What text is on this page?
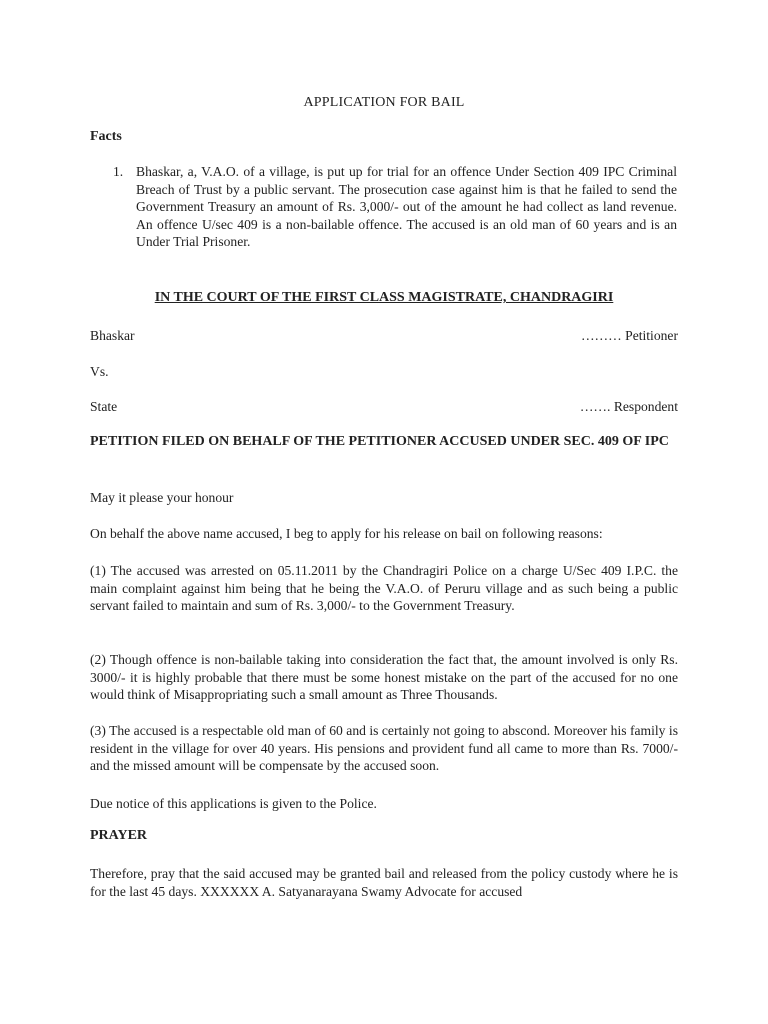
APPLICATION FOR BAIL
Facts
1. Bhaskar, a, V.A.O. of a village, is put up for trial for an offence Under Section 409 IPC Criminal Breach of Trust by a public servant. The prosecution case against him is that he failed to send the Government Treasury an amount of Rs. 3,000/- out of the amount he had collect as land revenue. An offence U/sec 409 is a non-bailable offence. The accused is an old man of 60 years and is an Under Trial Prisoner.
IN THE COURT OF THE FIRST CLASS MAGISTRATE, CHANDRAGIRI
Bhaskar	……… Petitioner
Vs.
State	……. Respondent
PETITION FILED ON BEHALF OF THE PETITIONER ACCUSED UNDER SEC. 409 OF IPC
May it please your honour
On behalf the above name accused, I beg to apply for his release on bail on following reasons:
(1) The accused was arrested on 05.11.2011 by the Chandragiri Police on a charge U/Sec 409 I.P.C. the main complaint against him being that he being the V.A.O. of Peruru village and as such being a public servant failed to maintain and sum of Rs. 3,000/- to the Government Treasury.
(2) Though offence is non-bailable taking into consideration the fact that, the amount involved is only Rs. 3000/- it is highly probable that there must be some honest mistake on the part of the accused for no one would think of Misappropriating such a small amount as Three Thousands.
(3) The accused is a respectable old man of 60 and is certainly not going to abscond. Moreover his family is resident in the village for over 40 years. His pensions and provident fund all came to more than Rs. 7000/- and the missed amount will be compensate by the accused soon.
Due notice of this applications is given to the Police.
PRAYER
Therefore, pray that the said accused may be granted bail and released from the policy custody where he is for the last 45 days. XXXXXX A. Satyanarayana Swamy Advocate for accused
